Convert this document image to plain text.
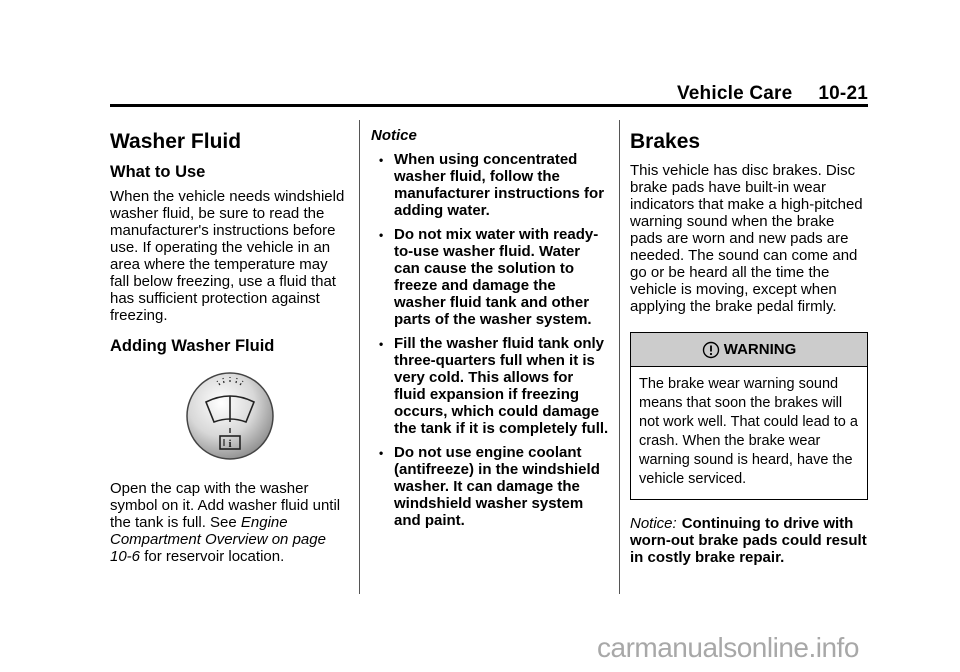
Vehicle Care 10-21
Washer Fluid
What to Use

When the vehicle needs windshield washer fluid, be sure to read the manufacturer's instructions before use. If operating the vehicle in an area where the temperature may fall below freezing, use a fluid that has sufficient protection against freezing.

Adding Washer Fluid
i

Open the cap with the washer symbol on it. Add washer fluid until the tank is full. See Engine Compartment Overview on page 10-6 for reservoir location.

Notice
• When using concentrated washer fluid, follow the manufacturer instructions for adding water.
• Do not mix water with ready-to-use washer fluid. Water can cause the solution to freeze and damage the washer fluid tank and other parts of the washer system.
• Fill the washer fluid tank only three-quarters full when it is very cold. This allows for fluid expansion if freezing occurs, which could damage the tank if it is completely full.
• Do not use engine coolant (antifreeze) in the windshield washer. It can damage the windshield washer system and paint.
Brakes

This vehicle has disc brakes. Disc brake pads have built-in wear indicators that make a high-pitched warning sound when the brake pads are worn and new pads are needed. The sound can come and go or be heard all the time the vehicle is moving, except when applying the brake pedal firmly.

WARNING
The brake wear warning sound means that soon the brakes will not work well. That could lead to a crash. When the brake wear warning sound is heard, have the vehicle serviced.

Notice: Continuing to drive with worn-out brake pads could result in costly brake repair.

carmanualsonline.info
